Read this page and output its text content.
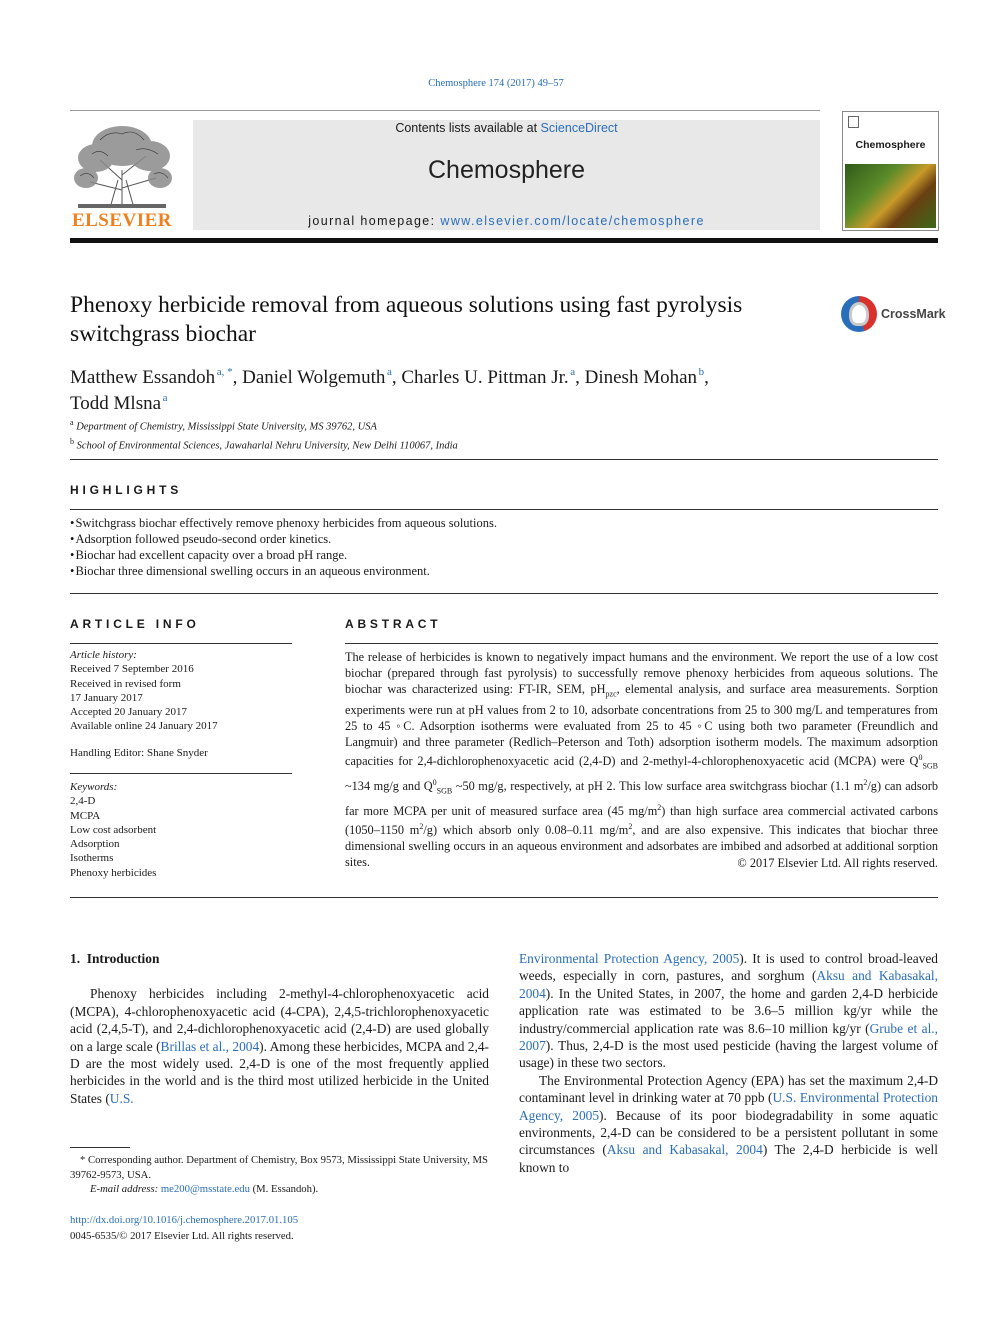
Chemosphere 174 (2017) 49–57
ELSEVIER
Contents lists available at ScienceDirect
Chemosphere
journal homepage: www.elsevier.com/locate/chemosphere
Chemosphere
Phenoxy herbicide removal from aqueous solutions using fast pyrolysis switchgrass biochar
CrossMark
Matthew Essandoh  $^{a, *}$, Daniel Wolgemuth  $^a$, Charles U. Pittman Jr.  $^a$, Dinesh Mohan  $^b$,
Todd Mlsna  $^a$
$^a$ Department of Chemistry, Mississippi State University, MS 39762, USA
$^b$ School of Environmental Sciences, Jawaharlal Nehru University, New Delhi 110067, India
HIGHLIGHTS
• Switchgrass biochar effectively remove phenoxy herbicides from aqueous solutions.
• Adsorption followed pseudo-second order kinetics.
• Biochar had excellent capacity over a broad pH range.
• Biochar three dimensional swelling occurs in an aqueous environment.
ARTICLE INFO
Article history:
Received 7 September 2016
Received in revised form
17 January 2017
Accepted 20 January 2017
Available online 24 January 2017
Handling Editor: Shane Snyder
Keywords:
2,4-D
MCPA
Low cost adsorbent
Adsorption
Isotherms
Phenoxy herbicides
ABSTRACT
The release of herbicides is known to negatively impact humans and the environment. We report the use of a low cost biochar (prepared through fast pyrolysis) to successfully remove phenoxy herbicides from aqueous solutions. The biochar was characterized using: FT-IR, SEM, $pH_{pzc}$, elemental analysis, and surface area measurements. Sorption experiments were run at pH values from 2 to 10, adsorbate concentrations from 25 to 300 mg/L and temperatures from 25 to 45 ◦C. Adsorption isotherms were evaluated from 25 to 45 ◦C using both two parameter (Freundlich and Langmuir) and three parameter (Redlich–Peterson and Toth) adsorption isotherm models. The maximum adsorption capacities for 2,4-dichlorophenoxyacetic acid (2,4-D) and 2-methyl-4-chlorophenoxyacetic acid (MCPA) were $Q^0_{SGB}$ ~134 mg/g and $Q^0_{SGB}$ ~50 mg/g, respectively, at pH 2. This low surface area switchgrass biochar (1.1 $m^2/g$) can adsorb far more MCPA per unit of measured surface area (45 $mg/m^2$) than high surface area commercial activated carbons (1050–1150 $m^2/g$) which absorb only 0.08–0.11 $mg/m^2$, and are also expensive. This indicates that biochar three dimensional swelling occurs in an aqueous environment and adsorbates are imbibed and adsorbed at additional sorption sites.	© 2017 Elsevier Ltd. All rights reserved.
1. Introduction

Phenoxy herbicides including 2-methyl-4-chlorophenoxyacetic acid (MCPA), 4-chlorophenoxyacetic acid (4-CPA), 2,4,5-trichlorophenoxyacetic acid (2,4,5-T), and 2,4-dichlorophenoxyacetic acid (2,4-D) are used globally on a large scale (Brillas et al., 2004). Among these herbicides, MCPA and 2,4-D are the most widely used. 2,4-D is one of the most frequently applied herbicides in the world and is the third most utilized herbicide in the United States (U.S.

* Corresponding author. Department of Chemistry, Box 9573, Mississippi State University, MS 39762-9573, USA.
E-mail address: me200@msstate.edu (M. Essandoh).
http://dx.doi.org/10.1016/j.chemosphere.2017.01.105
0045-6535/© 2017 Elsevier Ltd. All rights reserved.

Environmental Protection Agency, 2005). It is used to control broad-leaved weeds, especially in corn, pastures, and sorghum (Aksu and Kabasakal, 2004). In the United States, in 2007, the home and garden 2,4-D herbicide application rate was estimated to be 3.6–5 million kg/yr while the industry/commercial application rate was 8.6–10 million kg/yr (Grube et al., 2007). Thus, 2,4-D is the most used pesticide (having the largest volume of usage) in these two sectors.

The Environmental Protection Agency (EPA) has set the maximum 2,4-D contaminant level in drinking water at 70 ppb (U.S. Environmental Protection Agency, 2005). Because of its poor biodegradability in some aquatic environments, 2,4-D can be considered to be a persistent pollutant in some circumstances (Aksu and Kabasakal, 2004) The 2,4-D herbicide is well known to
